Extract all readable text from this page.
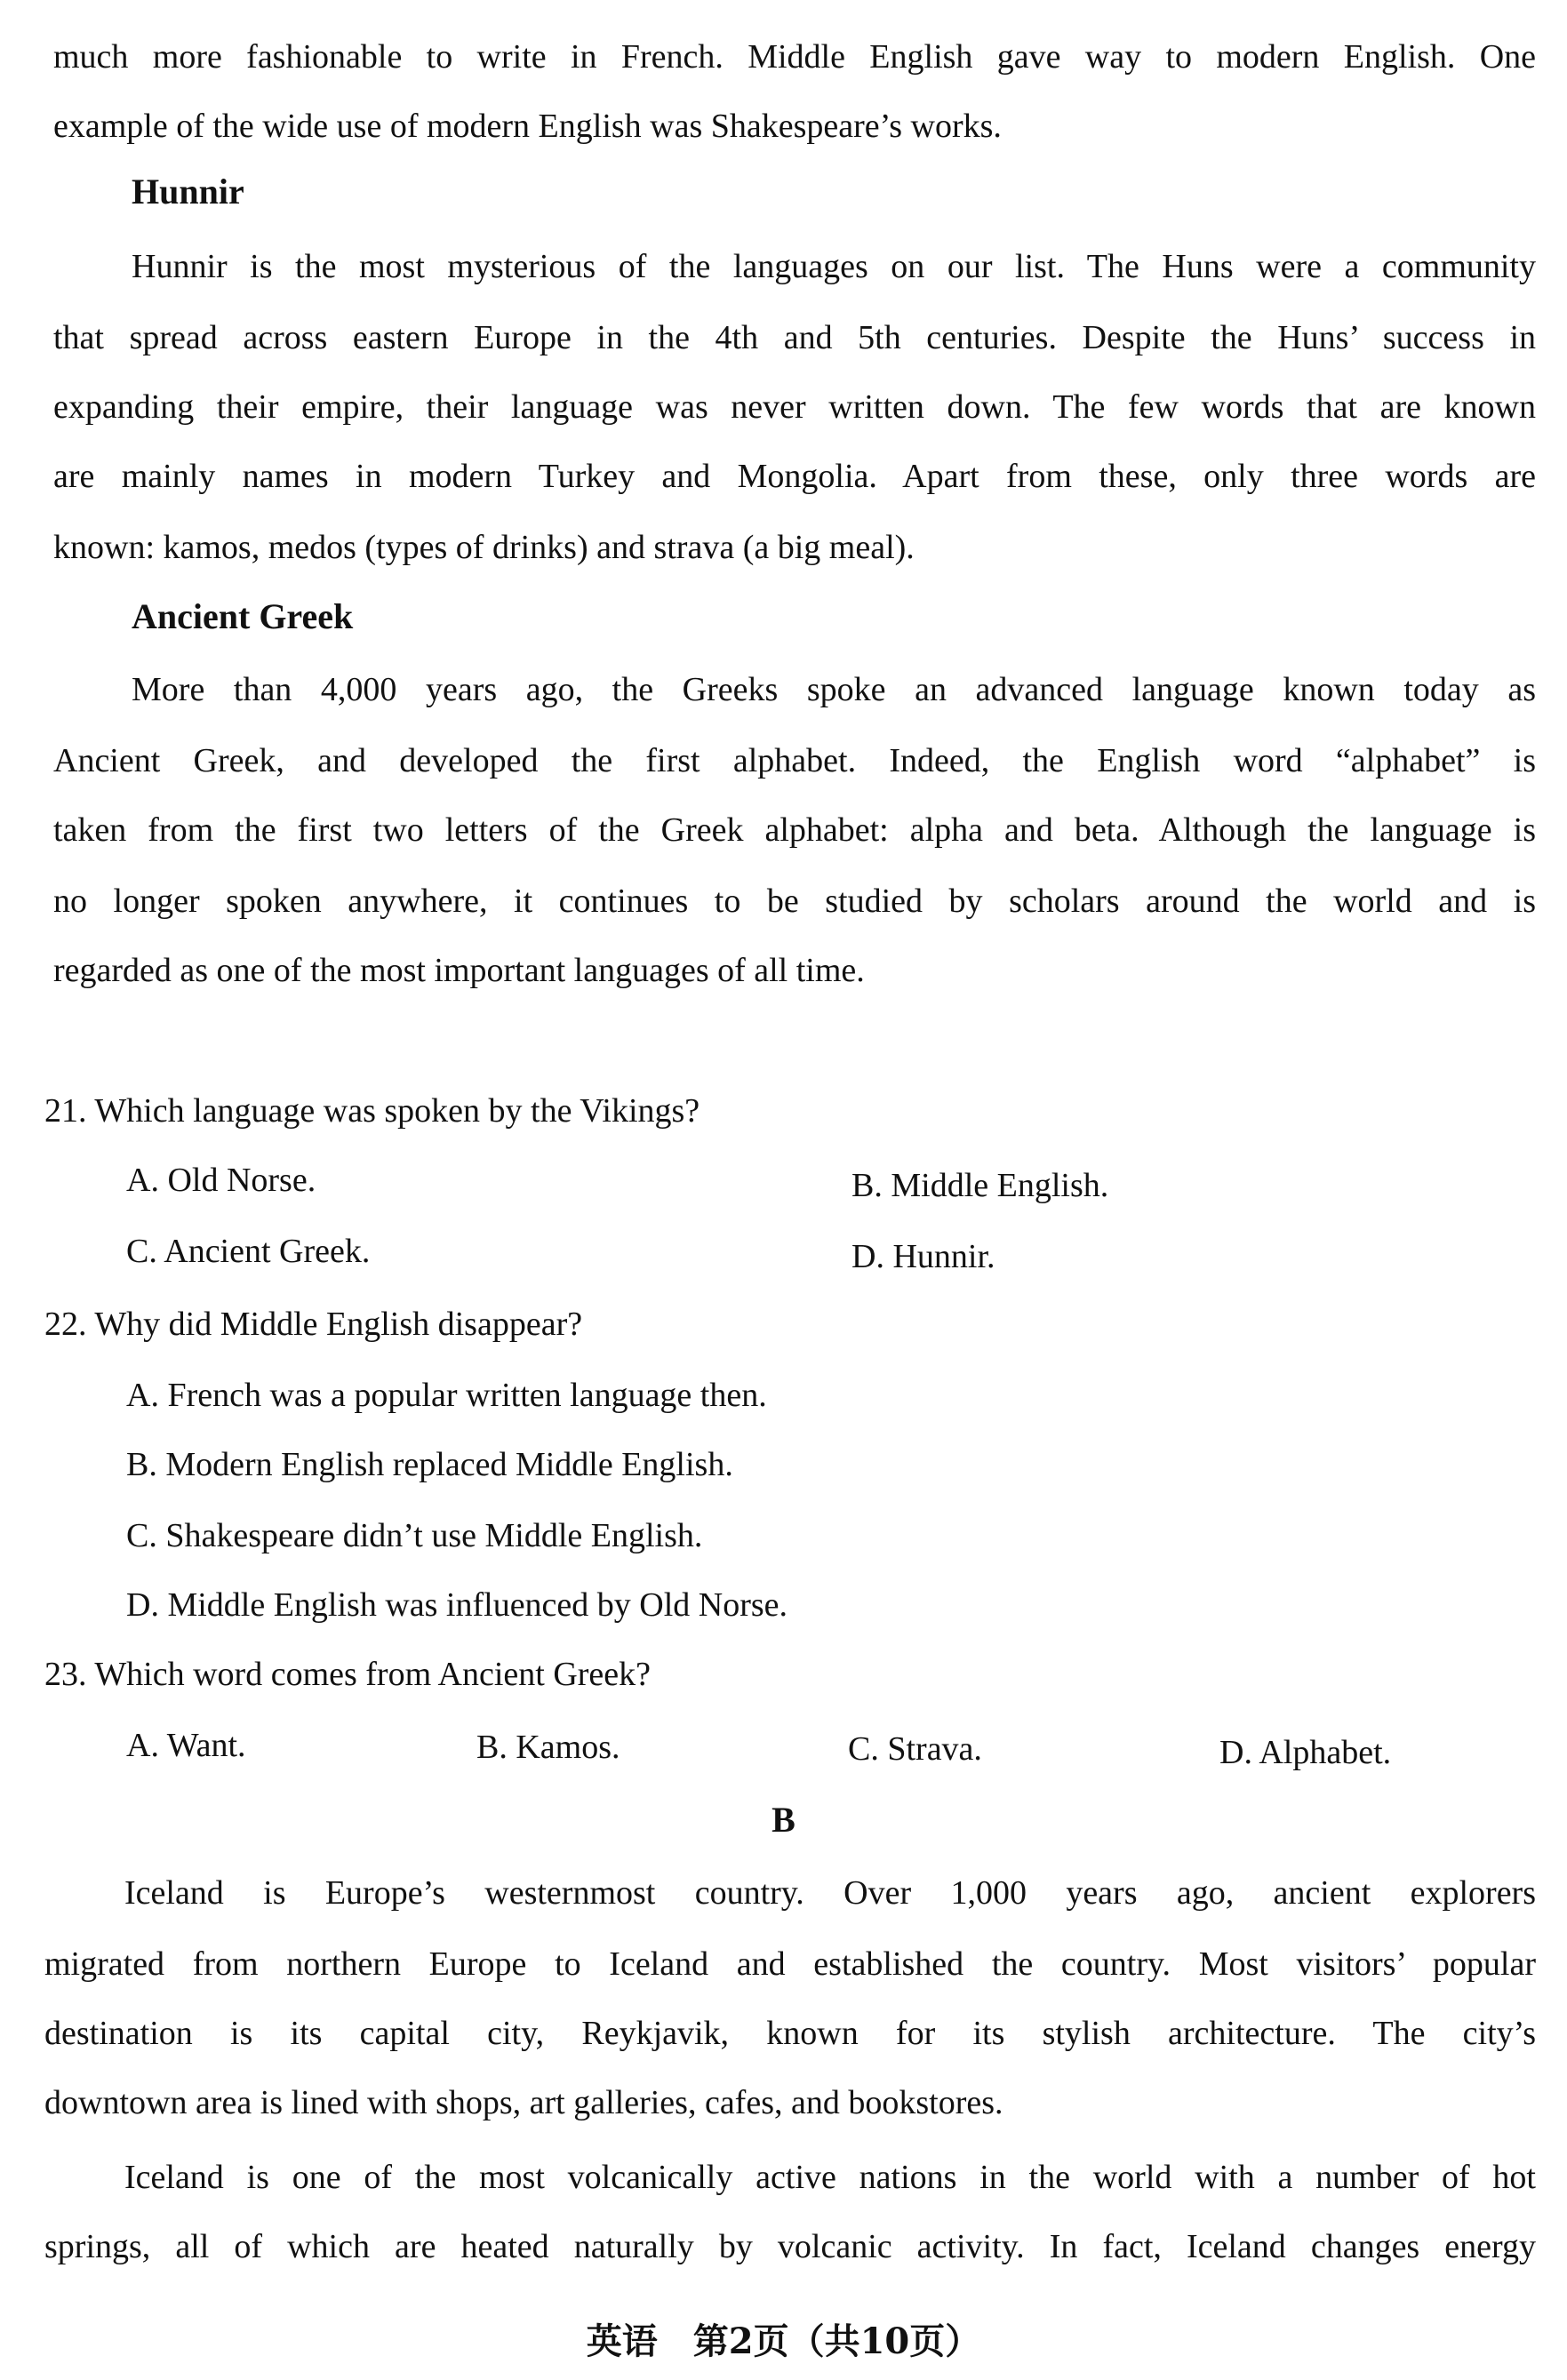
much more fashionable to write in French. Middle English gave way to modern English. One
example of the wide use of modern English was Shakespeare’s works.
Hunnir
Hunnir is the most mysterious of the languages on our list. The Huns were a community
that spread across eastern Europe in the 4th and 5th centuries. Despite the Huns’ success in
expanding their empire, their language was never written down. The few words that are known
are mainly names in modern Turkey and Mongolia. Apart from these, only three words are
known: kamos, medos (types of drinks) and strava (a big meal).
Ancient Greek
More than 4,000 years ago, the Greeks spoke an advanced language known today as
Ancient Greek, and developed the first alphabet. Indeed, the English word “alphabet” is
taken from the first two letters of the Greek alphabet: alpha and beta. Although the language is
no longer spoken anywhere, it continues to be studied by scholars around the world and is
regarded as one of the most important languages of all time.
21. Which language was spoken by the Vikings?
A. Old Norse.	B. Middle English.
C. Ancient Greek.	D. Hunnir.
22. Why did Middle English disappear?
A. French was a popular written language then.
B. Modern English replaced Middle English.
C. Shakespeare didn’t use Middle English.
D. Middle English was influenced by Old Norse.
23. Which word comes from Ancient Greek?
A. Want.	B. Kamos.	C. Strava.	D. Alphabet.
B
Iceland is Europe’s westernmost country. Over 1,000 years ago, ancient explorers
migrated from northern Europe to Iceland and established the country. Most visitors’ popular
destination is its capital city, Reykjavik, known for its stylish architecture. The city’s
downtown area is lined with shops, art galleries, cafes, and bookstores.
Iceland is one of the most volcanically active nations in the world with a number of hot
springs, all of which are heated naturally by volcanic activity. In fact, Iceland changes energy
英语　第2页（共10页）
